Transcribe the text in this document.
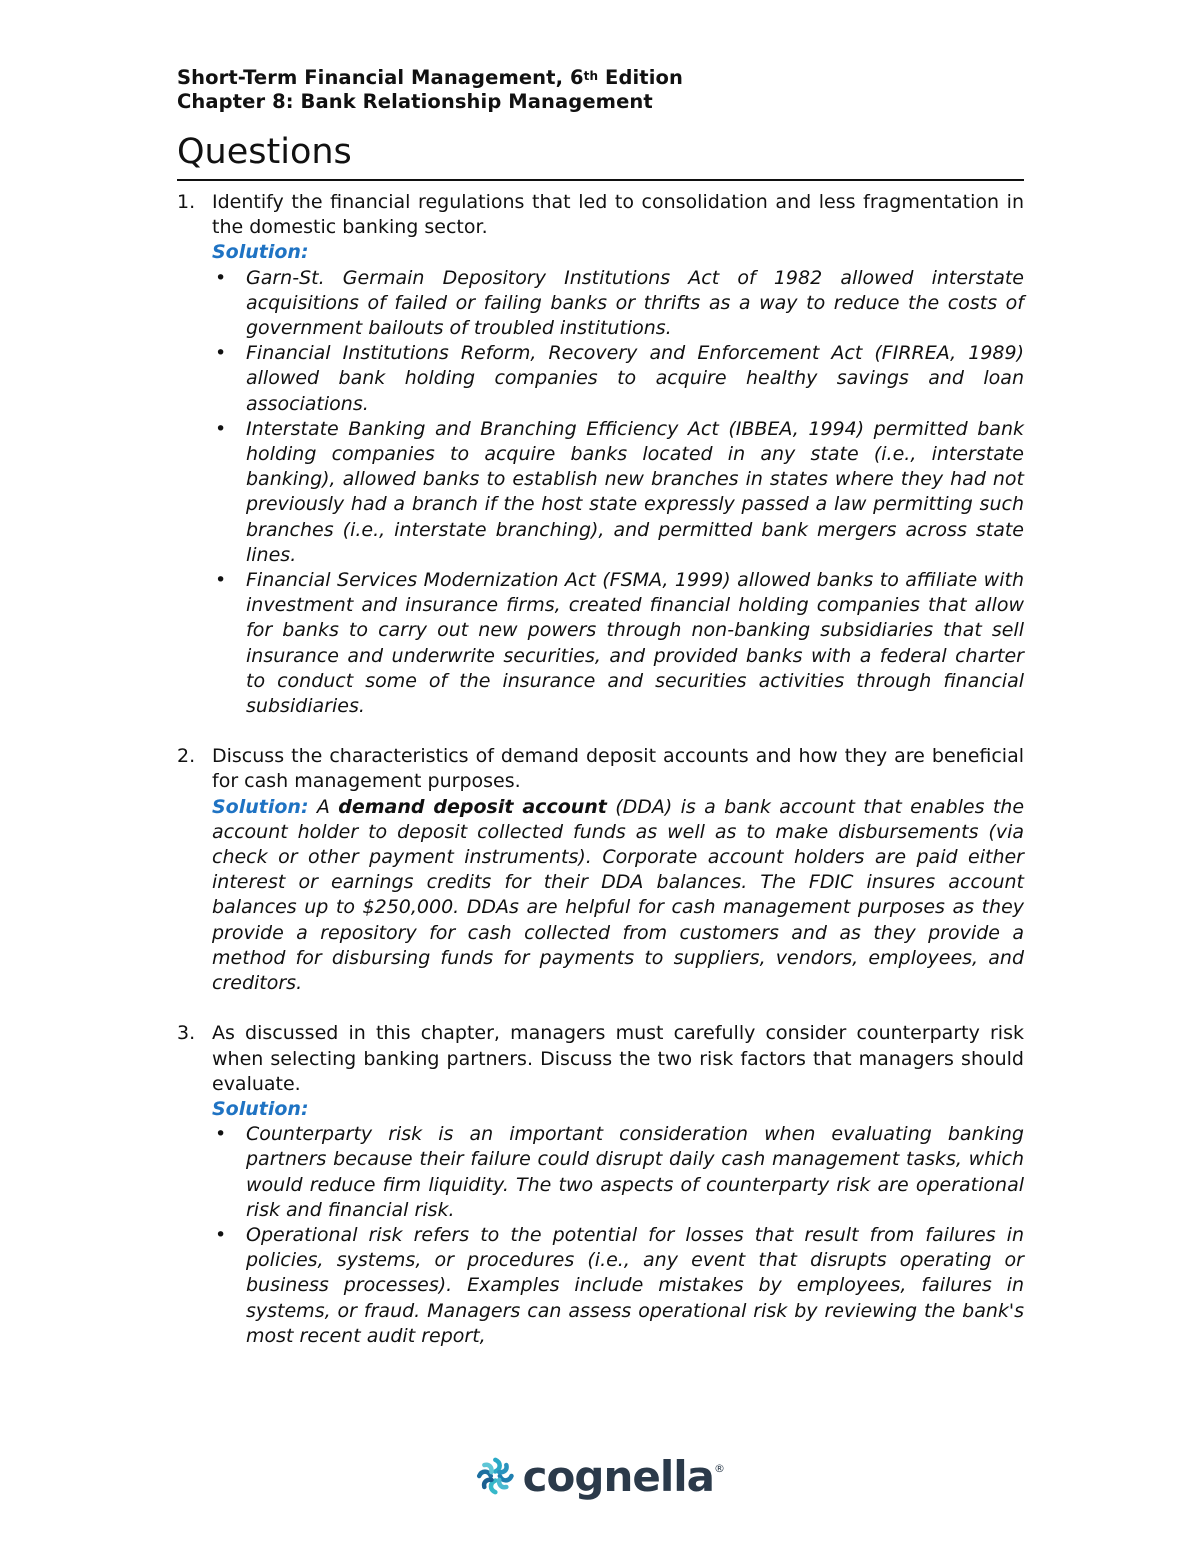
Short-Term Financial Management, 6th Edition

Chapter 8: Bank Relationship Management

Questions
1. Identify the financial regulations that led to consolidation and less fragmentation in the domestic banking sector.
Solution:
• Garn-St. Germain Depository Institutions Act of 1982 allowed interstate acquisitions of failed or failing banks or thrifts as a way to reduce the costs of government bailouts of troubled institutions.
• Financial Institutions Reform, Recovery and Enforcement Act (FIRREA, 1989) allowed bank holding companies to acquire healthy savings and loan associations.
• Interstate Banking and Branching Efficiency Act (IBBEA, 1994) permitted bank holding companies to acquire banks located in any state (i.e., interstate banking), allowed banks to establish new branches in states where they had not previously had a branch if the host state expressly passed a law permitting such branches (i.e., interstate branching), and permitted bank mergers across state lines.
• Financial Services Modernization Act (FSMA, 1999) allowed banks to affiliate with investment and insurance firms, created financial holding companies that allow for banks to carry out new powers through non-banking subsidiaries that sell insurance and underwrite securities, and provided banks with a federal charter to conduct some of the insurance and securities activities through financial subsidiaries.
2. Discuss the characteristics of demand deposit accounts and how they are beneficial for cash management purposes.
Solution: A demand deposit account (DDA) is a bank account that enables the account holder to deposit collected funds as well as to make disbursements (via check or other payment instruments). Corporate account holders are paid either interest or earnings credits for their DDA balances. The FDIC insures account balances up to $250,000. DDAs are helpful for cash management purposes as they provide a repository for cash collected from customers and as they provide a method for disbursing funds for payments to suppliers, vendors, employees, and creditors.
3. As discussed in this chapter, managers must carefully consider counterparty risk when selecting banking partners. Discuss the two risk factors that managers should evaluate.
Solution:
• Counterparty risk is an important consideration when evaluating banking partners because their failure could disrupt daily cash management tasks, which would reduce firm liquidity. The two aspects of counterparty risk are operational risk and financial risk.
• Operational risk refers to the potential for losses that result from failures in policies, systems, or procedures (i.e., any event that disrupts operating or business processes). Examples include mistakes by employees, failures in systems, or fraud. Managers can assess operational risk by reviewing the bank's most recent audit report,
cognella®
